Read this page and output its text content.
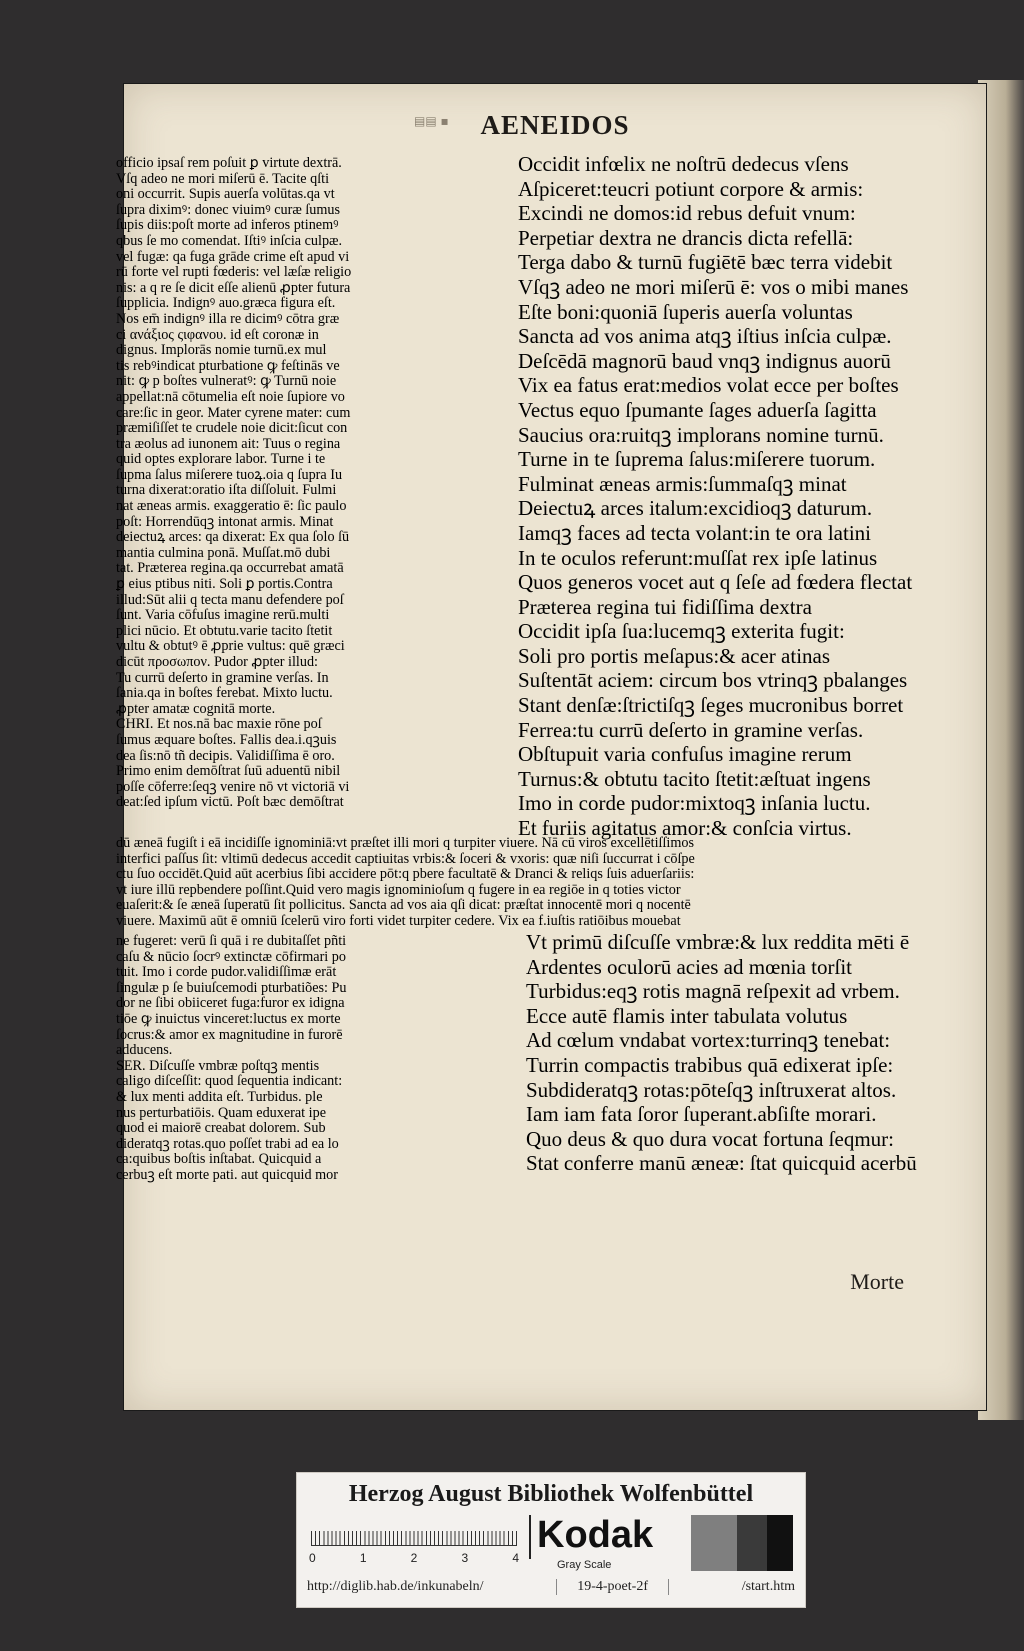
▤▤ ▪	AENEIDOS
officio ipsaſ rem poſuit ꝑ virtute dextrā.
Vſq adeo ne mori miſerū ē. Tacite qſti
oni occurrit. Supis auerſa volūtas.qa vt
ſupra diximꝰ: donec viuimꝰ curæ ſumus
ſupis diis:poſt morte ad inferos ptinemꝰ
qbus ſe mo comendat. Iſtiꝰ inſcia culpæ.
vel fugæ: qa fuga grāde crime eſt apud vi
rū forte vel rupti fœderis: vel læſæ religio
nis: a q re ſe dicit eſſe alienū ꝓpter futura
ſupplicia. Indignꝰ auo.græca figura eſt.
Nos em̄ indignꝰ illa re dicimꝰ cōtra græ
ci ανάξιος ςιφανου. id eſt coronæ in
dignus. Implorās nomie turnū.ex mul
tis rebꝰindicat pturbatione ꝙ feſtinās ve
nit: ꝙ p boſtes vulneratꝰ: ꝙ Turnū noie
appellat:nā cōtumelia eſt noie ſupiore vo
care:ſic in geor. Mater cyrene mater: cum
præmiſiſſet te crudele noie dicit:ſicut con
tra æolus ad iunonem ait: Tuus o regina
quid optes explorare labor. Turne i te
ſupma ſalus miſerere tuoꝝ.oia q ſupra Iu
turna dixerat:oratio iſta diſſoluit. Fulmi
nat æneas armis. exaggeratio ē: ſic paulo
poſt: Horrendūqꝫ intonat armis. Minat
deiectuꝝ arces: qa dixerat: Ex qua ſolo ſū
mantia culmina ponā. Muſſat.mō dubi
tat. Præterea regina.qa occurrebat amatā
ꝑ eius ptibus niti. Soli ꝑ portis.Contra
illud:Sūt alii q tecta manu defendere poſ
ſunt. Varia cōfuſus imagine rerū.multi
plici nūcio. Et obtutu.varie tacito ſtetit
vultu & obtutꝰ ē ꝓprie vultus: quē græci
dicūt προσωπον. Pudor ꝓpter illud:
Tu currū deſerto in gramine verſas. In
ſania.qa in boſtes ferebat. Mixto luctu.
ꝓpter amatæ cognitā morte.
CHRI. Et nos.nā bac maxie rōne poſ
ſumus æquare boſtes. Fallis dea.i.qꝫuis
dea ſis:nō tñ decipis. Validiſſima ē oro.
Primo enim demōſtrat ſuū aduentū nibil
poſſe cōferre:ſeqꝫ venire nō vt victoriā vi
deat:ſed ipſum victū. Poſt bæc demōſtrat
Occidit infœlix ne noſtrū dedecus vſens
Aſpiceret:teucri potiunt corpore & armis:
Excindi ne domos:id rebus defuit vnum:
Perpetiar dextra ne drancis dicta refellā:
Terga dabo & turnū fugiētē bæc terra videbit
Vſqꝫ adeo ne mori miſerū ē: vos o mibi manes
Eſte boni:quoniā ſuperis auerſa voluntas
Sancta ad vos anima atqꝫ iſtius inſcia culpæ.
Deſcēdā magnorū baud vnqꝫ indignus auorū
Vix ea fatus erat:medios volat ecce per boſtes
Vectus equo ſpumante ſages aduerſa ſagitta
Saucius ora:ruitqꝫ implorans nomine turnū.
Turne in te ſuprema ſalus:miſerere tuorum.
Fulminat æneas armis:ſummaſqꝫ minat
Deiectuꝝ arces italum:excidioqꝫ daturum.
Iamqꝫ faces ad tecta volant:in te ora latini
In te oculos referunt:muſſat rex ipſe latinus
Quos generos vocet aut q ſeſe ad fœdera flectat
Præterea regina tui fidiſſima dextra
Occidit ipſa ſua:lucemqꝫ exterita fugit:
Soli pro portis meſapus:& acer atinas
Suſtentāt aciem: circum bos vtrinqꝫ pbalanges
Stant denſæ:ſtrictiſqꝫ ſeges mucronibus borret
Ferrea:tu currū deſerto in gramine verſas.
Obſtupuit varia confuſus imagine rerum
Turnus:& obtutu tacito ſtetit:æſtuat ingens
Imo in corde pudor:mixtoqꝫ inſania luctu.
Et furiis agitatus amor:& conſcia virtus.
dū æneā fugiſt i eā incidiſſe ignominiā:vt præſtet illi mori q turpiter viuere. Nā cū viros excellētiſſimos
interfici paſſus ſit: vltimū dedecus accedit captiuitas vrbis:& ſoceri & vxoris: quæ niſi ſuccurrat i cōſpe
ctu ſuo occidēt.Quid aūt acerbius ſibi accidere pōt:q pbere facultatē & Dranci & reliqs ſuis aduerſariis:
vt iure illū repbendere poſſint.Quid vero magis ignominioſum q fugere in ea regiōe in q toties victor
euaſerit:& ſe æneā ſuperatū ſit pollicitus. Sancta ad vos aia qſi dicat: præſtat innocentē mori q nocentē
viuere. Maximū aūt ē omniū ſcelerū viro forti videt turpiter cedere. Vix ea f.iuſtis ratiōibus mouebat
ne fugeret: verū ſi quā i re dubitaſſet pñti
caſu & nūcio ſocrꝰ extinctæ cōfirmari po
tuit. Imo i corde pudor.validiſſimæ erāt
ſingulæ p ſe buiuſcemodi pturbatiões: Pu
dor ne ſibi obiiceret fuga:furor ex idigna
tiōe ꝙ inuictus vinceret:luctus ex morte
ſocrus:& amor ex magnitudine in furorē
adducens.
SER. Diſcuſſe vmbræ poſtqꝫ mentis
caligo diſceſſit: quod ſequentia indicant:
& lux menti addita eſt. Turbidus. ple
nus perturbatiōis. Quam eduxerat ipe
quod ei maiorē creabat dolorem. Sub
dideratqꝫ rotas.quo poſſet trabi ad ea lo
ca:quibus boſtis inſtabat. Quicquid a
cerbuꝫ eſt morte pati. aut quicquid mor
Vt primū diſcuſſe vmbræ:& lux reddita mēti ē
Ardentes oculorū acies ad mœnia torſit
Turbidus:eqꝫ rotis magnā reſpexit ad vrbem.
Ecce autē flamis inter tabulata volutus
Ad cœlum vndabat vortex:turrinqꝫ tenebat:
Turrin compactis trabibus quā edixerat ipſe:
Subdideratqꝫ rotas:pōteſqꝫ inſtruxerat altos.
Iam iam fata ſoror ſuperant.abſiſte morari.
Quo deus & quo dura vocat fortuna ſeqmur:
Stat conferre manū æneæ: ſtat quicquid acerbū
Morte
Herzog August Bibliothek Wolfenbüttel
0	1	2	3	4
Kodak
Gray Scale
http://diglib.hab.de/inkunabeln/	19-4-poet-2f	/start.htm
